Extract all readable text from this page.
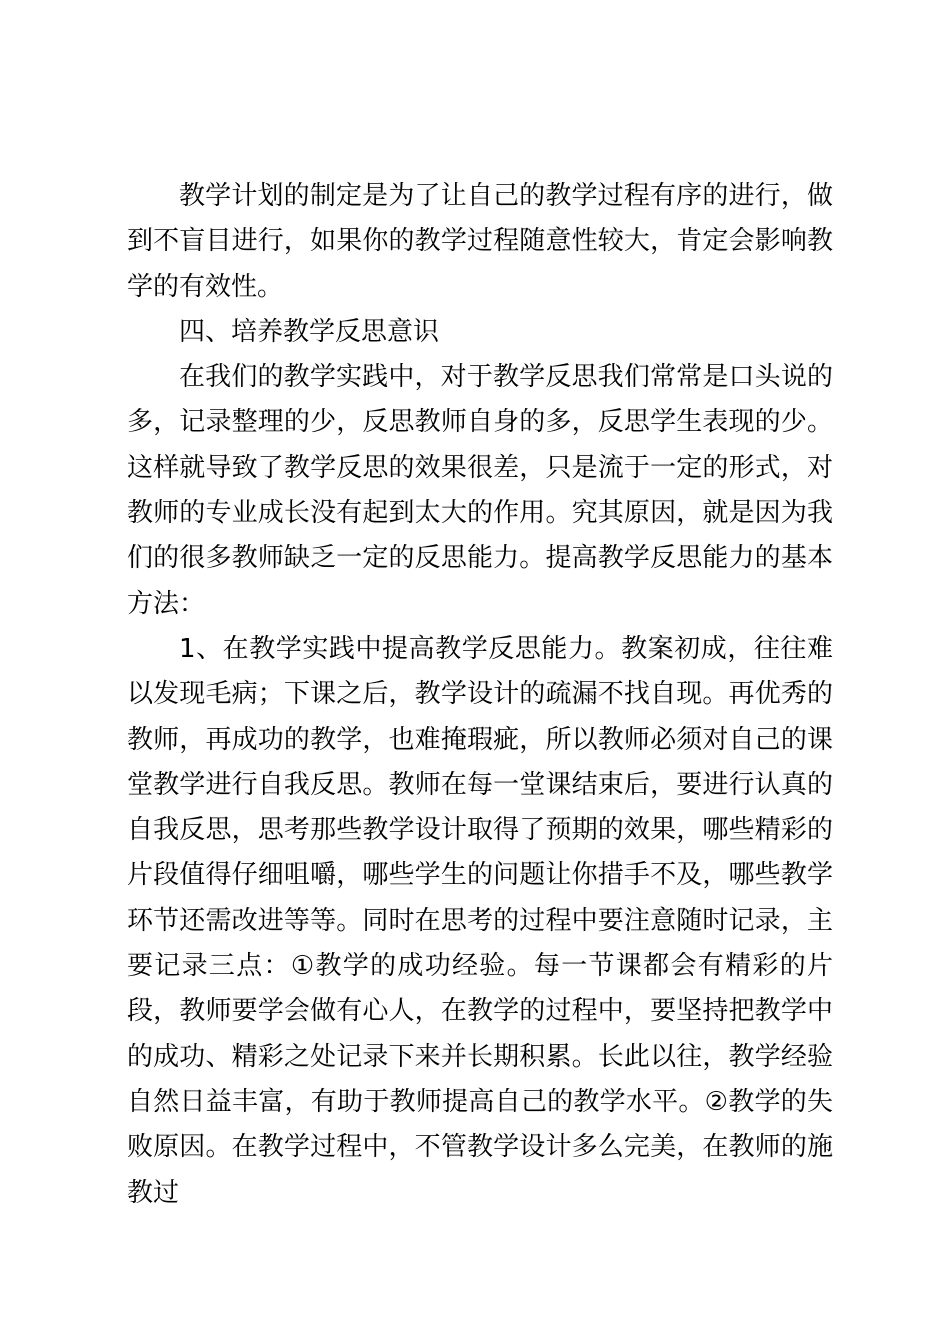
教学计划的制定是为了让自己的教学过程有序的进行，做到不盲目进行，如果你的教学过程随意性较大，肯定会影响教学的有效性。

四、培养教学反思意识

在我们的教学实践中，对于教学反思我们常常是口头说的多，记录整理的少，反思教师自身的多，反思学生表现的少。这样就导致了教学反思的效果很差，只是流于一定的形式，对教师的专业成长没有起到太大的作用。究其原因，就是因为我们的很多教师缺乏一定的反思能力。提高教学反思能力的基本方法：

1、在教学实践中提高教学反思能力。教案初成，往往难以发现毛病；下课之后，教学设计的疏漏不找自现。再优秀的教师，再成功的教学，也难掩瑕疵，所以教师必须对自己的课堂教学进行自我反思。教师在每一堂课结束后，要进行认真的自我反思，思考那些教学设计取得了预期的效果，哪些精彩的片段值得仔细咀嚼，哪些学生的问题让你措手不及，哪些教学环节还需改进等等。同时在思考的过程中要注意随时记录，主要记录三点：①教学的成功经验。每一节课都会有精彩的片段，教师要学会做有心人，在教学的过程中，要坚持把教学中的成功、精彩之处记录下来并长期积累。长此以往，教学经验自然日益丰富，有助于教师提高自己的教学水平。②教学的失败原因。在教学过程中，不管教学设计多么完美，在教师的施教过
